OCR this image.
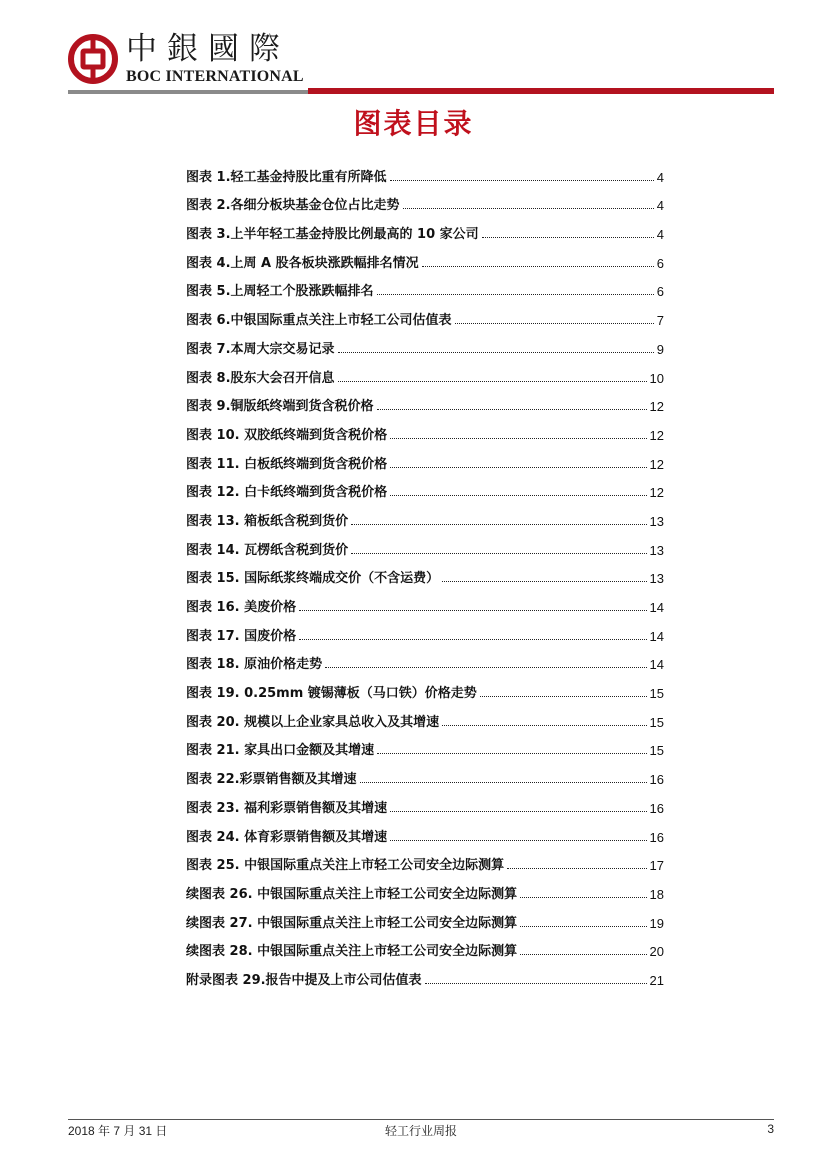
中銀國際
BOC INTERNATIONAL
图表目录
图表 1.轻工基金持股比重有所降低	4
图表 2.各细分板块基金仓位占比走势	4
图表 3.上半年轻工基金持股比例最高的 10 家公司	4
图表 4.上周 A 股各板块涨跌幅排名情况	6
图表 5.上周轻工个股涨跌幅排名	6
图表 6.中银国际重点关注上市轻工公司估值表	7
图表 7.本周大宗交易记录	9
图表 8.股东大会召开信息	10
图表 9.铜版纸终端到货含税价格	12
图表 10. 双胶纸终端到货含税价格	12
图表 11. 白板纸终端到货含税价格	12
图表 12. 白卡纸终端到货含税价格	12
图表 13. 箱板纸含税到货价	13
图表 14. 瓦楞纸含税到货价	13
图表 15. 国际纸浆终端成交价（不含运费）	13
图表 16. 美废价格	14
图表 17. 国废价格	14
图表 18. 原油价格走势	14
图表 19. 0.25mm 镀锡薄板（马口铁）价格走势	15
图表 20. 规模以上企业家具总收入及其增速	15
图表 21. 家具出口金额及其增速	15
图表 22.彩票销售额及其增速	16
图表 23. 福利彩票销售额及其增速	16
图表 24. 体育彩票销售额及其增速	16
图表 25. 中银国际重点关注上市轻工公司安全边际测算	17
续图表 26. 中银国际重点关注上市轻工公司安全边际测算	18
续图表 27. 中银国际重点关注上市轻工公司安全边际测算	19
续图表 28. 中银国际重点关注上市轻工公司安全边际测算	20
附录图表 29.报告中提及上市公司估值表	21
2018 年 7 月 31 日	轻工行业周报	3
